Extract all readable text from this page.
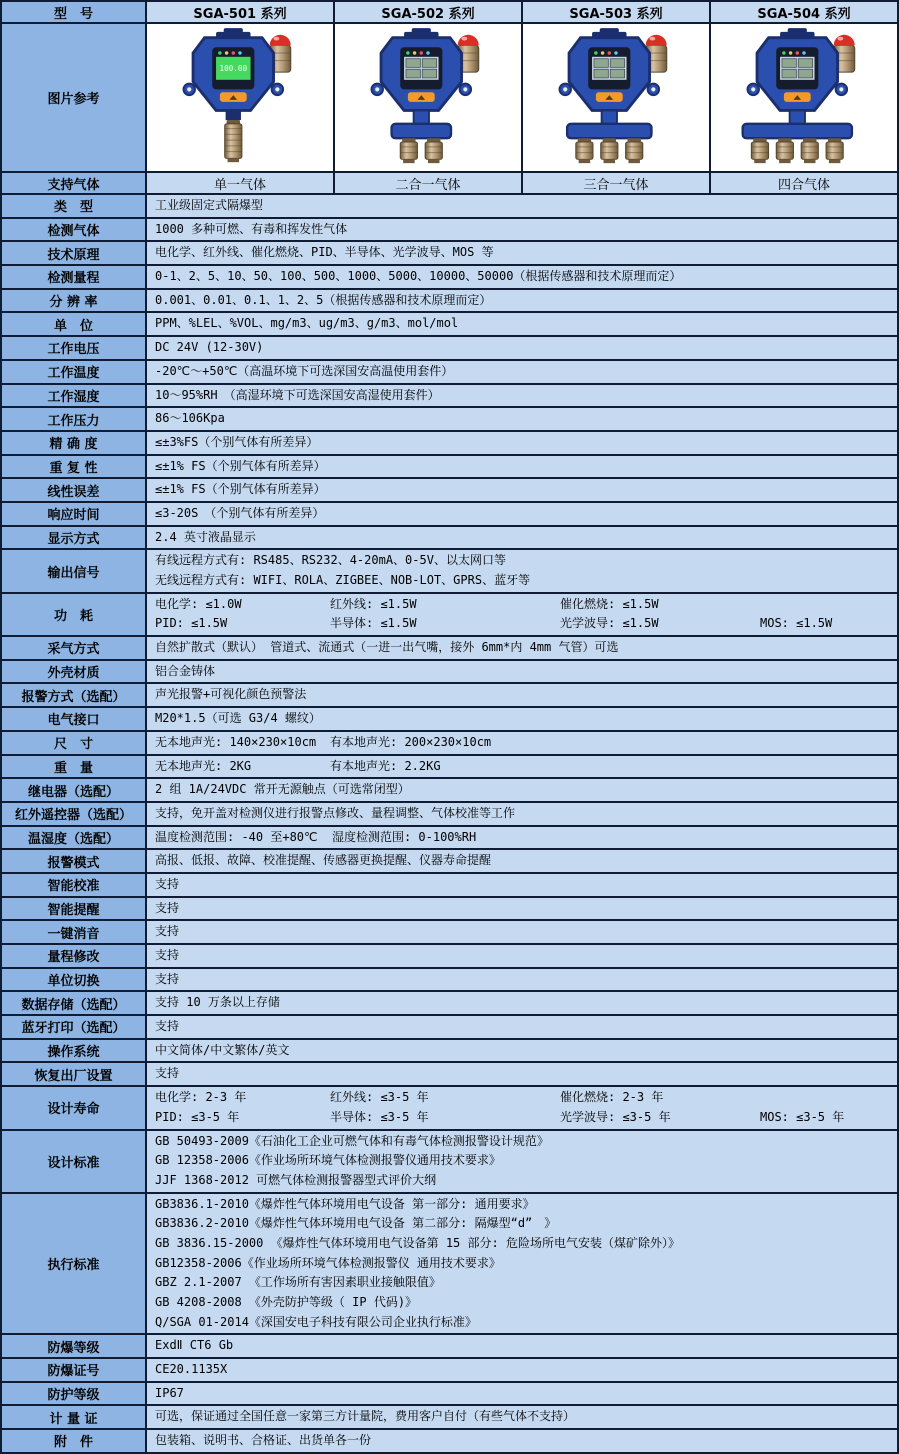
型　号	SGA-501 系列	SGA-502 系列	SGA-503 系列	SGA-504 系列
图片参考
100.00
支持气体	单一气体	二合一气体	三合一气体	四合气体
类　型	工业级固定式隔爆型
检测气体	1000 多种可燃、有毒和挥发性气体
技术原理	电化学、红外线、催化燃烧、PID、半导体、光学波导、MOS 等
检测量程	0-1、2、5、10、50、100、500、1000、5000、10000、50000（根据传感器和技术原理而定）
分 辨 率	0.001、0.01、0.1、1、2、5（根据传感器和技术原理而定）
单　位	PPM、%LEL、%VOL、mg/m3、ug/m3、g/m3、mol/mol
工作电压	DC 24V (12-30V)
工作温度	-20℃～+50℃（高温环境下可选深国安高温使用套件）
工作湿度	10～95%RH　（高湿环境下可选深国安高湿使用套件）
工作压力	86～106Kpa
精 确 度	≤±3%FS（个别气体有所差异）
重 复 性	≤±1% FS（个别气体有所差异）
线性误差	≤±1% FS（个别气体有所差异）
响应时间	≤3-20S　（个别气体有所差异）
显示方式	2.4 英寸液晶显示
输出信号
有线远程方式有: RS485、RS232、4-20mA、0-5V、以太网口等
无线远程方式有: WIFI、ROLA、ZIGBEE、NOB-LOT、GPRS、蓝牙等
功　耗
电化学: ≤1.0W	红外线: ≤1.5W	催化燃烧: ≤1.5W
PID: ≤1.5W	半导体: ≤1.5W	光学波导: ≤1.5W	MOS: ≤1.5W
采气方式	自然扩散式（默认） 管道式、流通式（一进一出气嘴，接外 6mm*内 4mm 气管）可选
外壳材质	铝合金铸体
报警方式（选配）	声光报警+可视化颜色预警法
电气接口	M20*1.5（可选 G3/4 螺纹）
尺　寸	无本地声光: 140×230×10cm 有本地声光: 200×230×10cm
重　量	无本地声光: 2KG	有本地声光: 2.2KG
继电器（选配）	2 组 1A/24VDC 常开无源触点（可选常闭型）
红外遥控器（选配）	支持，免开盖对检测仪进行报警点修改、量程调整、气体校准等工作
温湿度（选配）	温度检测范围: -40 至+80℃  湿度检测范围: 0-100%RH
报警模式	高报、低报、故障、校准提醒、传感器更换提醒、仪器寿命提醒
智能校准	支持
智能提醒	支持
一键消音	支持
量程修改	支持
单位切换	支持
数据存储（选配）	支持 10 万条以上存储
蓝牙打印（选配）	支持
操作系统	中文简体/中文繁体/英文
恢复出厂设置	支持
设计寿命
电化学: 2-3 年	红外线: ≤3-5 年	催化燃烧: 2-3 年
PID: ≤3-5 年	半导体: ≤3-5 年	光学波导: ≤3-5 年	MOS: ≤3-5 年
设计标准
GB 50493-2009《石油化工企业可燃气体和有毒气体检测报警设计规范》
GB 12358-2006《作业场所环境气体检测报警仪通用技术要求》
JJF 1368-2012 可燃气体检测报警器型式评价大纲
执行标准
GB3836.1-2010《爆炸性气体环境用电气设备 第一部分: 通用要求》
GB3836.2-2010《爆炸性气体环境用电气设备 第二部分: 隔爆型“d”　》
GB 3836.15-2000 《爆炸性气体环境用电气设备第 15 部分: 危险场所电气安装（煤矿除外）》
GB12358-2006《作业场所环境气体检测报警仪 通用技术要求》
GBZ 2.1-2007 《工作场所有害因素职业接触限值》
GB 4208-2008 《外壳防护等级（ IP 代码)》
Q/SGA 01-2014《深国安电子科技有限公司企业执行标准》
防爆等级	ExdⅡ CT6 Gb
防爆证号	CE20.1135X
防护等级	IP67
计 量 证	可选，保证通过全国任意一家第三方计量院，费用客户自付（有些气体不支持）
附　件	包装箱、说明书、合格证、出货单各一份
